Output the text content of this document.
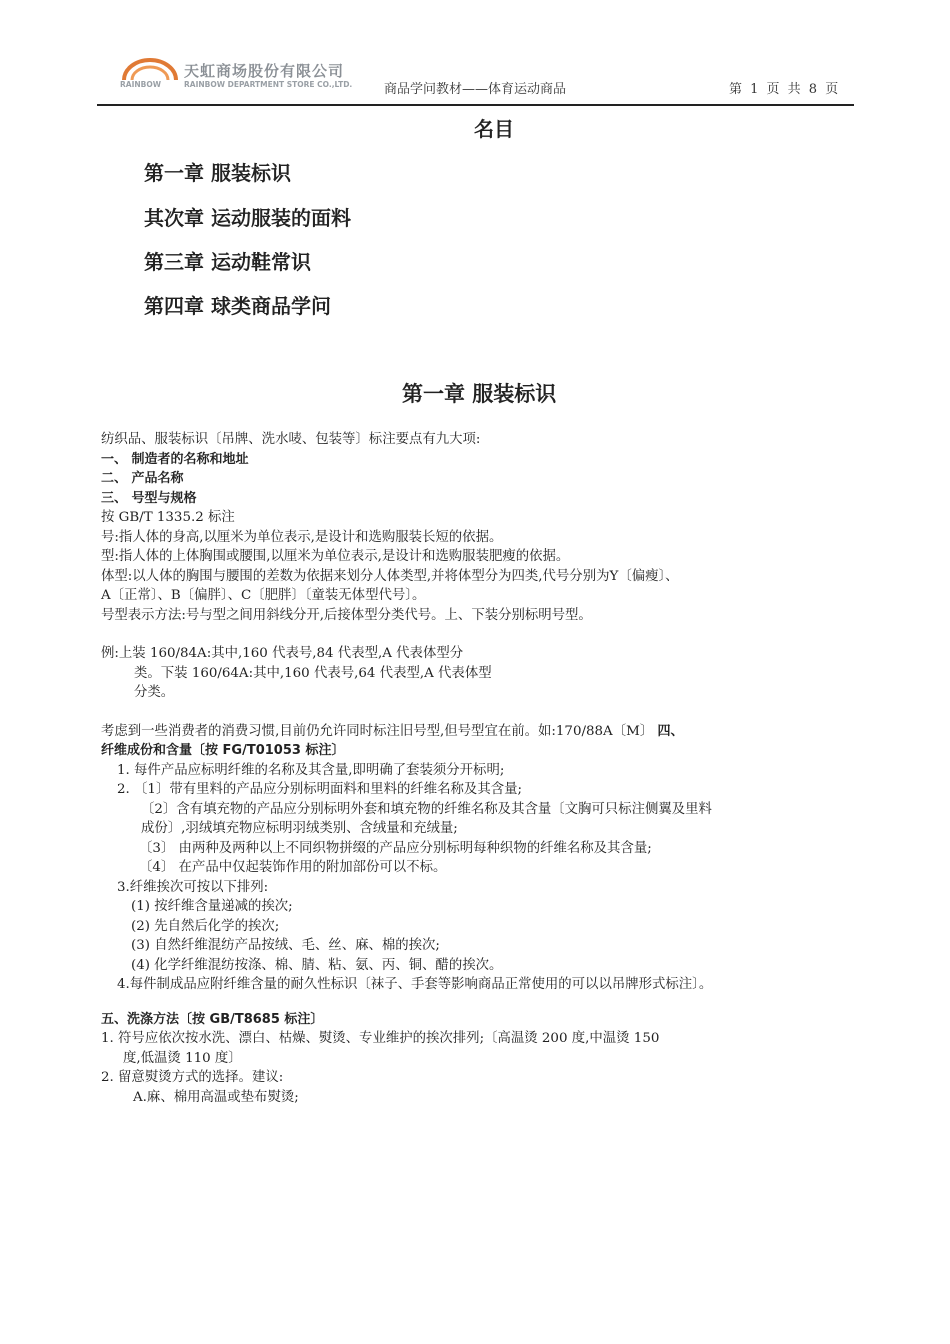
RAINBOW
天虹商场股份有限公司
RAINBOW DEPARTMENT STORE CO.,LTD. 商品学问教材——体育运动商品	第 1 页 共 8 页
名目
第一章 服装标识
其次章 运动服装的面料
第三章 运动鞋常识
第四章 球类商品学问
第一章 服装标识

纺织品、服装标识〔吊牌、洗水唛、包装等〕标注要点有九大项:

一、 制造者的名称和地址

二、 产品名称

三、 号型与规格

按 GB/T 1335.2 标注

号:指人体的身高,以厘米为单位表示,是设计和选购服装长短的依据。

型:指人体的上体胸围或腰围,以厘米为单位表示,是设计和选购服装肥瘦的依据。

体型:以人体的胸围与腰围的差数为依据来划分人体类型,并将体型分为四类,代号分别为Y〔偏瘦〕、

A〔正常〕、B〔偏胖〕、C〔肥胖〕〔童装无体型代号〕。

号型表示方法:号与型之间用斜线分开,后接体型分类代号。上、下装分别标明号型。

例:上装 160/84A:其中,160 代表号,84 代表型,A 代表体型分

类。下装 160/64A:其中,160 代表号,64 代表型,A 代表体型

分类。

考虑到一些消费者的消费习惯,目前仍允许同时标注旧号型,但号型宜在前。如:170/88A〔M〕 四、

纤维成份和含量〔按 FG/T01053 标注〕

1. 每件产品应标明纤维的名称及其含量,即明确了套装须分开标明;

2. 〔1〕带有里料的产品应分别标明面料和里料的纤维名称及其含量;

〔2〕含有填充物的产品应分别标明外套和填充物的纤维名称及其含量〔文胸可只标注侧翼及里料

成份〕,羽绒填充物应标明羽绒类别、含绒量和充绒量;

〔3〕 由两种及两种以上不同织物拼缀的产品应分别标明每种织物的纤维名称及其含量;

〔4〕 在产品中仅起装饰作用的附加部份可以不标。

3.纤维挨次可按以下排列:

(1) 按纤维含量递减的挨次;

(2) 先自然后化学的挨次;

(3) 自然纤维混纺产品按绒、毛、丝、麻、棉的挨次;

(4) 化学纤维混纺按涤、棉、腈、粘、氨、丙、铜、醋的挨次。

4.每件制成品应附纤维含量的耐久性标识〔袜子、手套等影响商品正常使用的可以以吊牌形式标注〕。

五、洗涤方法〔按 GB/T8685 标注〕

1. 符号应依次按水洗、漂白、枯燥、熨烫、专业维护的挨次排列;〔高温烫 200 度,中温烫 150

度,低温烫 110 度〕

2. 留意熨烫方式的选择。建议:

A.麻、棉用高温或垫布熨烫;
